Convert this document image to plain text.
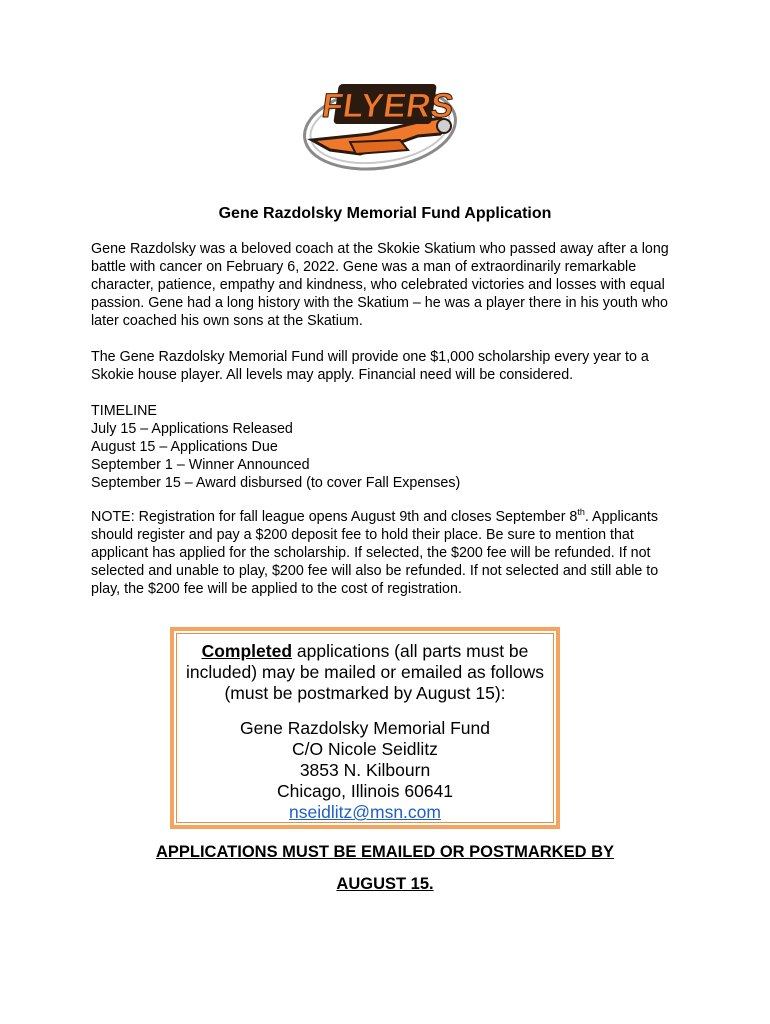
FLYERS
Gene Razdolsky Memorial Fund Application

Gene Razdolsky was a beloved coach at the Skokie Skatium who passed away after a long battle with cancer on February 6, 2022. Gene was a man of extraordinarily remarkable character, patience, empathy and kindness, who celebrated victories and losses with equal passion. Gene had a long history with the Skatium – he was a player there in his youth who later coached his own sons at the Skatium.

The Gene Razdolsky Memorial Fund will provide one $1,000 scholarship every year to a Skokie house player. All levels may apply. Financial need will be considered.

TIMELINE
July 15 – Applications Released
August 15 – Applications Due
September 1 – Winner Announced
September 15 – Award disbursed (to cover Fall Expenses)

NOTE: Registration for fall league opens August 9th and closes September 8th. Applicants should register and pay a $200 deposit fee to hold their place. Be sure to mention that applicant has applied for the scholarship. If selected, the $200 fee will be refunded. If not selected and unable to play, $200 fee will also be refunded. If not selected and still able to play, the $200 fee will be applied to the cost of registration.

Completed applications (all parts must be
included) may be mailed or emailed as follows
(must be postmarked by August 15):
Gene Razdolsky Memorial Fund
C/O Nicole Seidlitz
3853 N. Kilbourn
Chicago, Illinois 60641
nseidlitz@msn.com

APPLICATIONS MUST BE EMAILED OR POSTMARKED BY

AUGUST 15.
